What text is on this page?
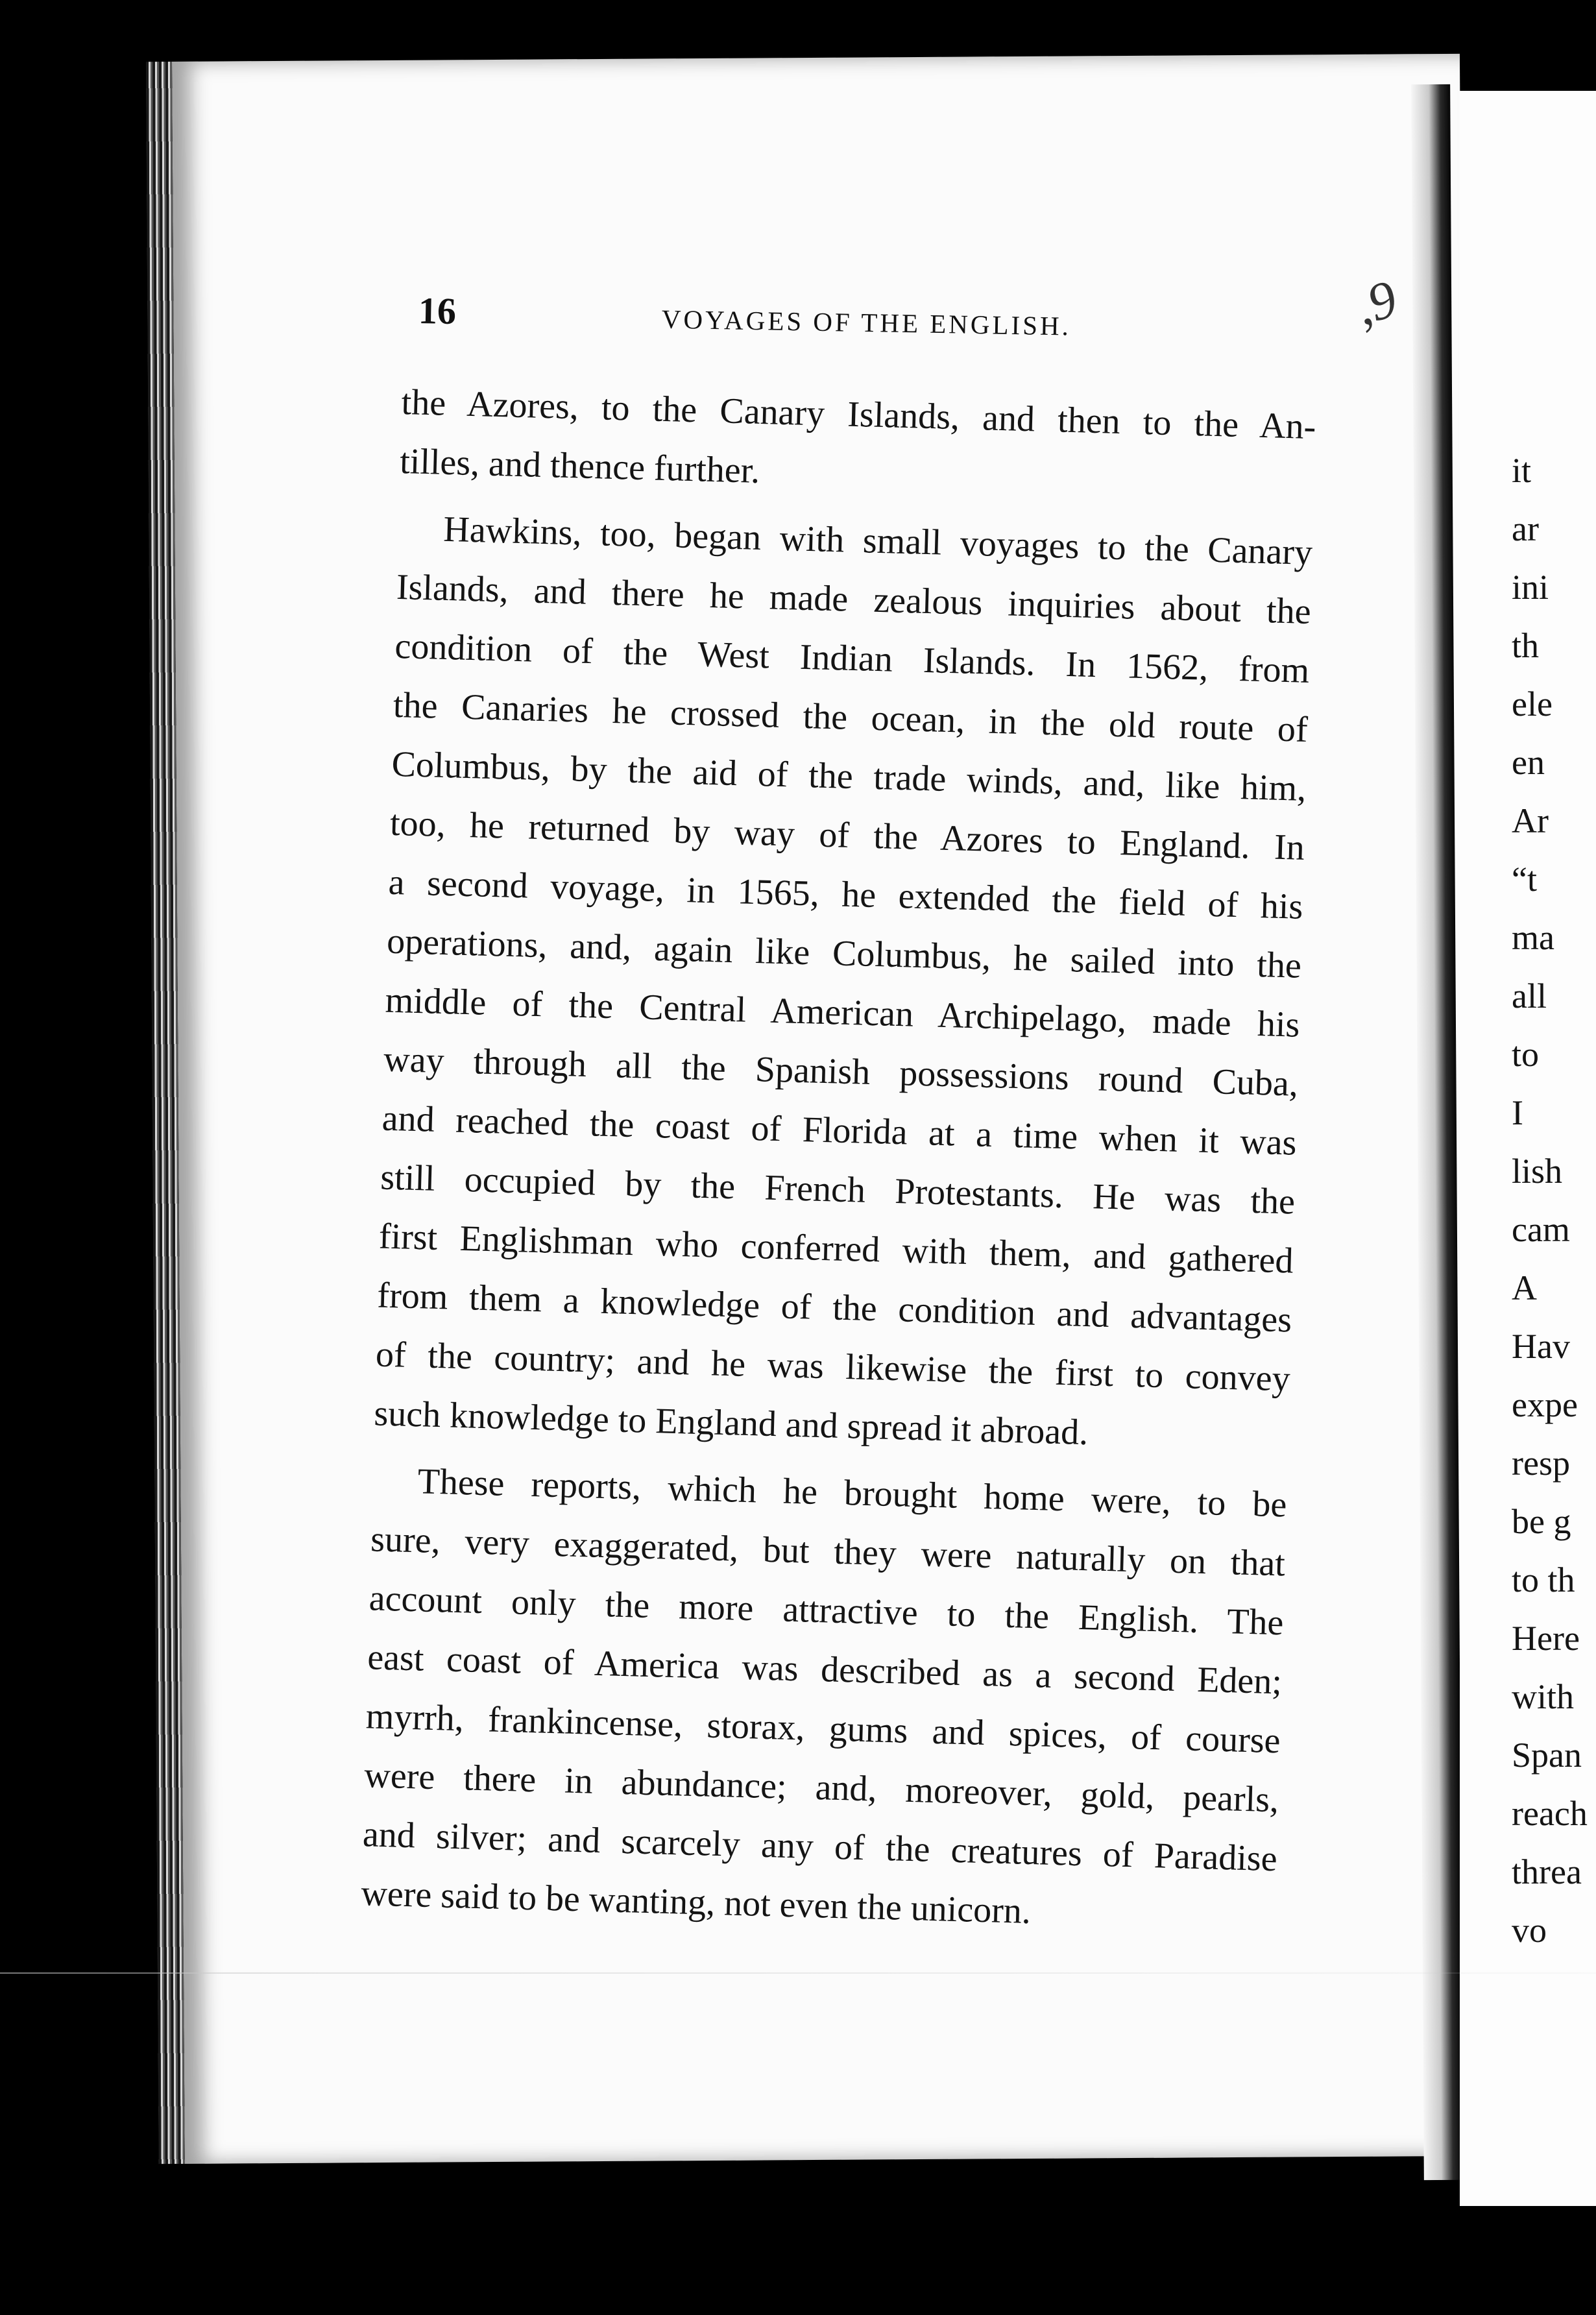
16	VOYAGES OF THE ENGLISH.	,9
the Azores, to the Canary Islands, and then to the An-
tilles, and thence further.
Hawkins, too, began with small voyages to the Canary
Islands, and there he made zealous inquiries about the
condition of the West Indian Islands. In 1562, from
the Canaries he crossed the ocean, in the old route of
Columbus, by the aid of the trade winds, and, like him,
too, he returned by way of the Azores to England. In
a second voyage, in 1565, he extended the field of his
operations, and, again like Columbus, he sailed into the
middle of the Central American Archipelago, made his
way through all the Spanish possessions round Cuba,
and reached the coast of Florida at a time when it was
still occupied by the French Protestants. He was the
first Englishman who conferred with them, and gathered
from them a knowledge of the condition and advantages
of the country; and he was likewise the first to convey
such knowledge to England and spread it abroad.
These reports, which he brought home were, to be
sure, very exaggerated, but they were naturally on that
account only the more attractive to the English. The
east coast of America was described as a second Eden;
myrrh, frankincense, storax, gums and spices, of course
were there in abundance; and, moreover, gold, pearls,
and silver; and scarcely any of the creatures of Paradise
were said to be wanting, not even the unicorn.
it
ar
ini
th
ele
en
Ar
“t
ma
all
to
I
lish
cam
A
Hav
expe
resp
be g
to th
Here
with
Span
reach
threa
vo
